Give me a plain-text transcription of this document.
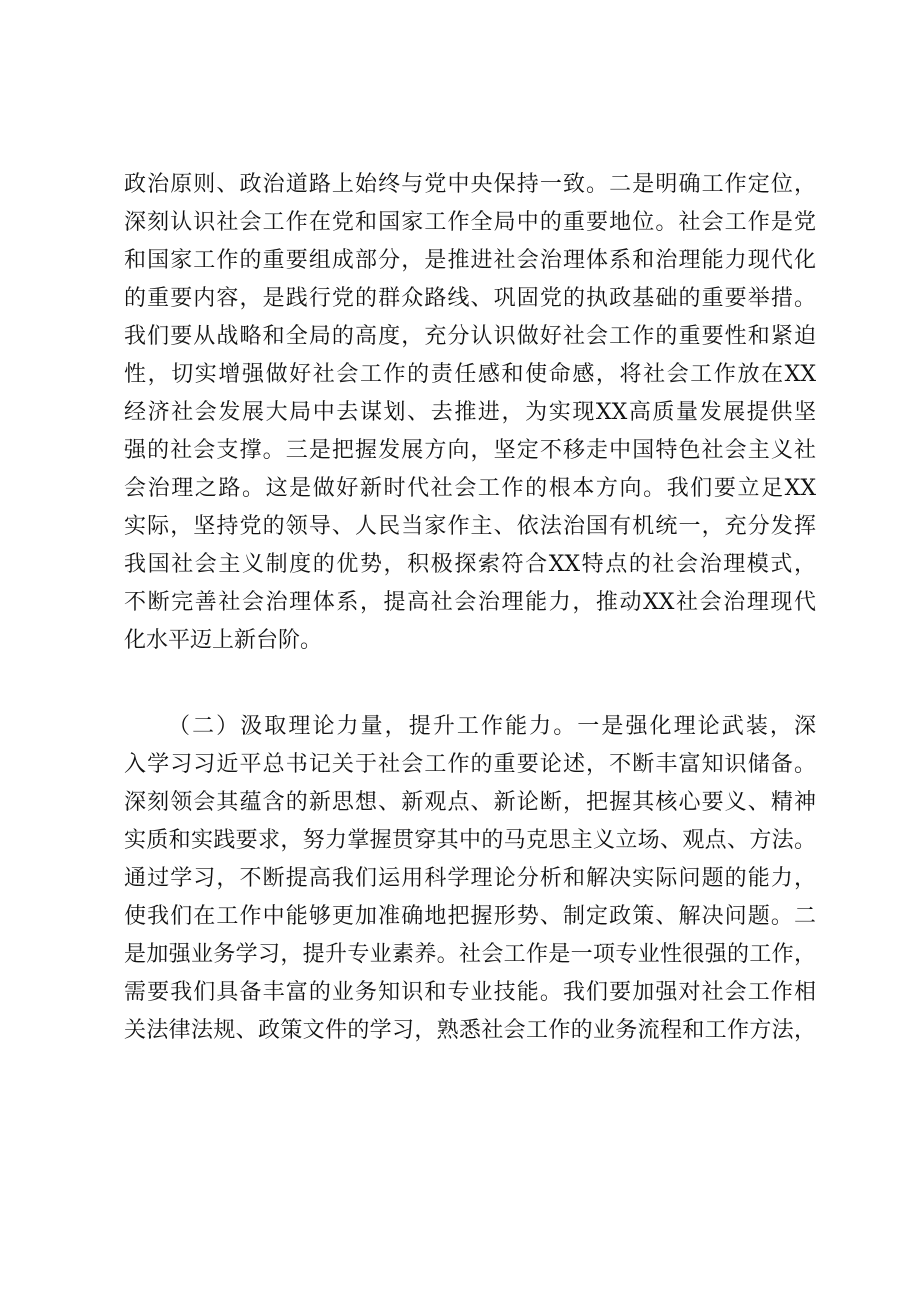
政治原则、政治道路上始终与党中央保持一致。二是明确工作定位，
深刻认识社会工作在党和国家工作全局中的重要地位。社会工作是党
和国家工作的重要组成部分，是推进社会治理体系和治理能力现代化
的重要内容，是践行党的群众路线、巩固党的执政基础的重要举措。
我们要从战略和全局的高度，充分认识做好社会工作的重要性和紧迫
性，切实增强做好社会工作的责任感和使命感，将社会工作放在XX
经济社会发展大局中去谋划、去推进，为实现XX高质量发展提供坚
强的社会支撑。三是把握发展方向，坚定不移走中国特色社会主义社
会治理之路。这是做好新时代社会工作的根本方向。我们要立足XX
实际，坚持党的领导、人民当家作主、依法治国有机统一，充分发挥
我国社会主义制度的优势，积极探索符合XX特点的社会治理模式，
不断完善社会治理体系，提高社会治理能力，推动XX社会治理现代
化水平迈上新台阶。
（二）汲取理论力量，提升工作能力。一是强化理论武装，深
入学习习近平总书记关于社会工作的重要论述，不断丰富知识储备。
深刻领会其蕴含的新思想、新观点、新论断，把握其核心要义、精神
实质和实践要求，努力掌握贯穿其中的马克思主义立场、观点、方法。
通过学习，不断提高我们运用科学理论分析和解决实际问题的能力，
使我们在工作中能够更加准确地把握形势、制定政策、解决问题。二
是加强业务学习，提升专业素养。社会工作是一项专业性很强的工作，
需要我们具备丰富的业务知识和专业技能。我们要加强对社会工作相
关法律法规、政策文件的学习，熟悉社会工作的业务流程和工作方法，
